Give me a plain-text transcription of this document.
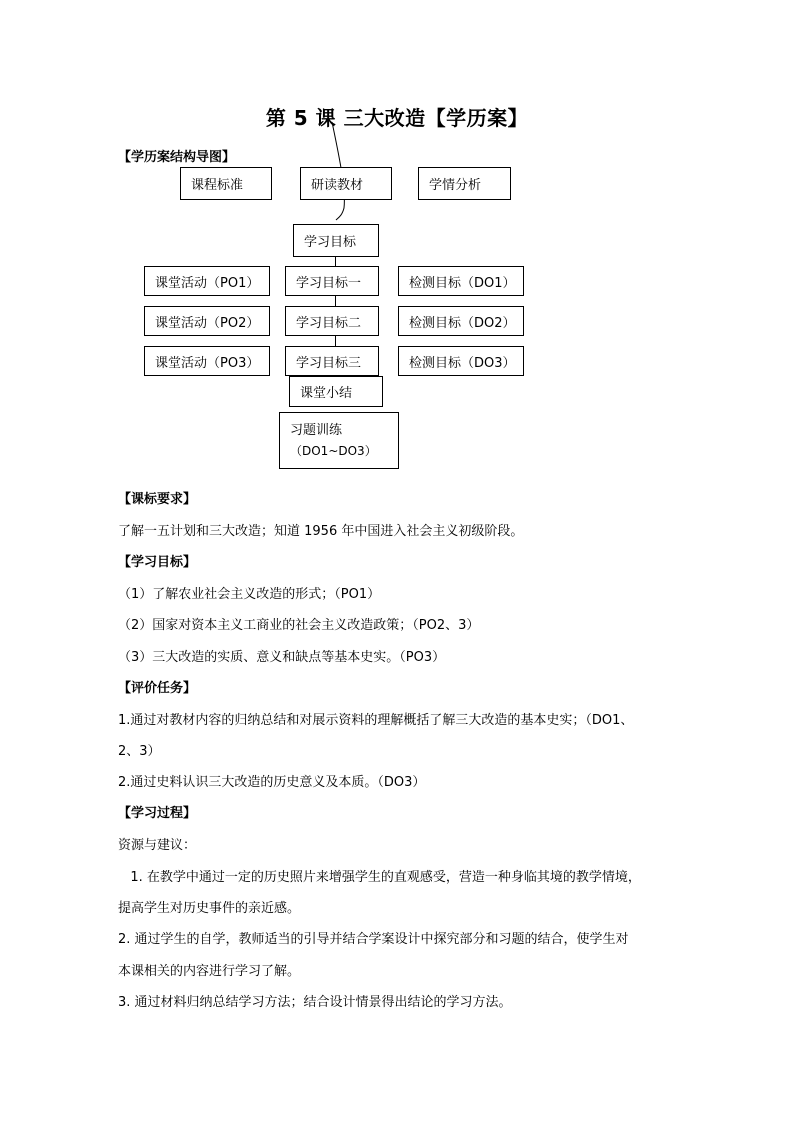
第 5 课 三大改造【学历案】
【学历案结构导图】
课程标准	研读教材	学情分析
学习目标
课堂活动（PO1）	学习目标一	检测目标（DO1）
课堂活动（PO2）	学习目标二	检测目标（DO2）
课堂活动（PO3）	学习目标三	检测目标（DO3）
课堂小结
习题训练
（DO1~DO3）
【课标要求】
了解一五计划和三大改造；知道 1956 年中国进入社会主义初级阶段。
【学习目标】
（1）了解农业社会主义改造的形式；（PO1）
（2）国家对资本主义工商业的社会主义改造政策；（PO2、3）
（3）三大改造的实质、意义和缺点等基本史实。（PO3）
【评价任务】
1.通过对教材内容的归纳总结和对展示资料的理解概括了解三大改造的基本史实；（DO1、
2、3）
2.通过史料认识三大改造的历史意义及本质。（DO3）
【学习过程】
资源与建议：
1. 在教学中通过一定的历史照片来增强学生的直观感受，营造一种身临其境的教学情境，
提高学生对历史事件的亲近感。
2. 通过学生的自学，教师适当的引导并结合学案设计中探究部分和习题的结合，使学生对
本课相关的内容进行学习了解。
3. 通过材料归纳总结学习方法；结合设计情景得出结论的学习方法。
